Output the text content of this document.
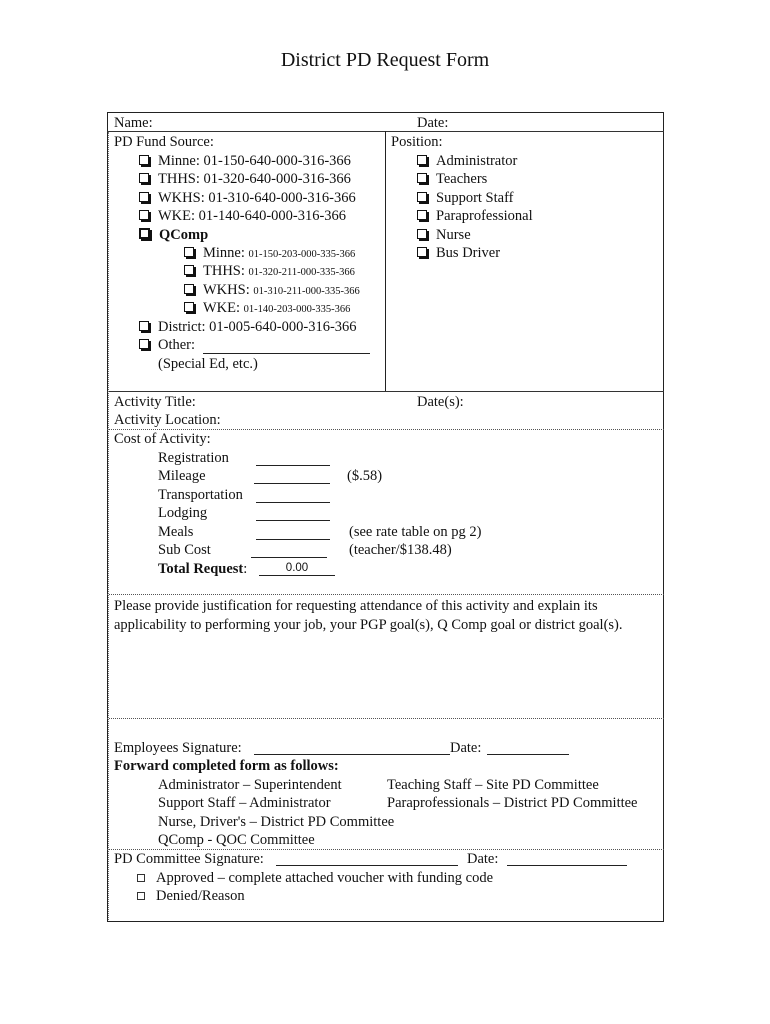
District PD Request Form
Name:	Date:
PD Fund Source:
Minne: 01-150-640-000-316-366
THHS: 01-320-640-000-316-366
WKHS: 01-310-640-000-316-366
WKE: 01-140-640-000-316-366
QComp
Minne: 01-150-203-000-335-366
THHS: 01-320-211-000-335-366
WKHS: 01-310-211-000-335-366
WKE: 01-140-203-000-335-366
District: 01-005-640-000-316-366
Other:
(Special Ed, etc.)
Position:
Administrator
Teachers
Support Staff
Paraprofessional
Nurse
Bus Driver
Activity Title:	Date(s):
Activity Location:
Cost of Activity:
Registration
Mileage	($.58)
Transportation
Lodging
Meals	(see rate table on pg 2)
Sub Cost	(teacher/$138.48)
Total Request:	0.00
Please provide justification for requesting attendance of this activity and explain its
applicability to performing your job, your PGP goal(s), Q Comp goal or district goal(s).
Employees Signature:	Date:
Forward completed form as follows:
Administrator – Superintendent	Teaching Staff – Site PD Committee
Support Staff – Administrator	Paraprofessionals – District PD Committee
Nurse, Driver's – District PD Committee
QComp - QOC Committee
PD Committee Signature:	Date:
Approved – complete attached voucher with funding code
Denied/Reason
